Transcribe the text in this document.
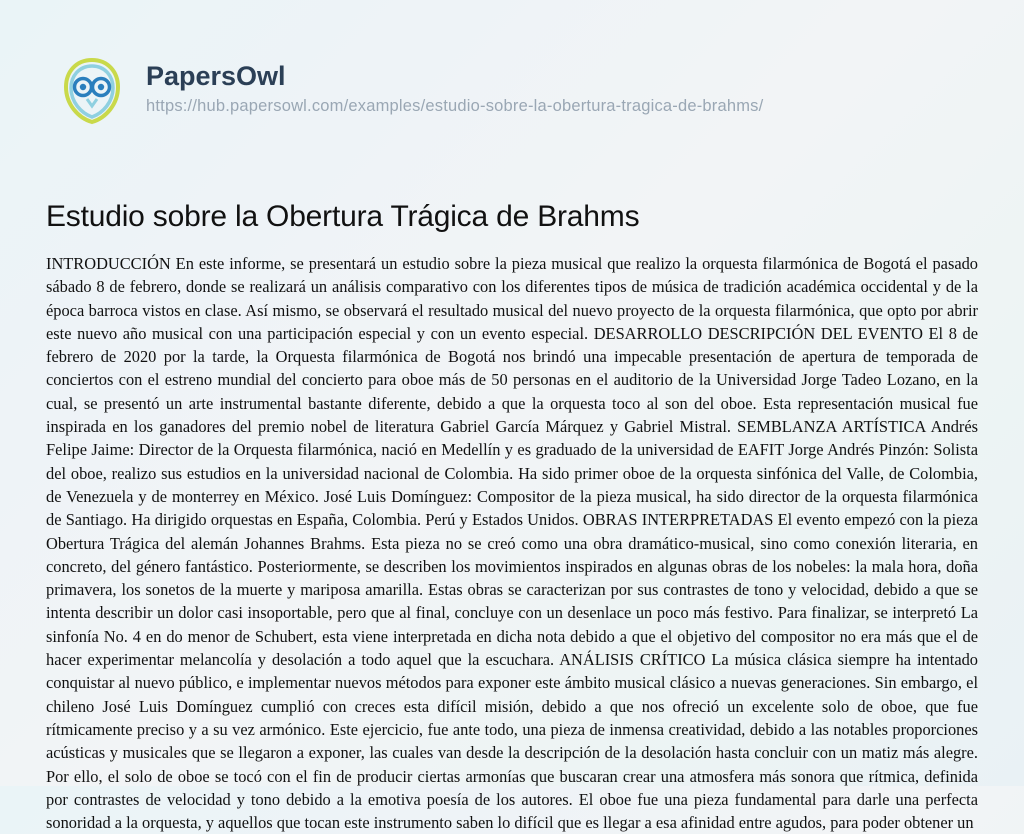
PapersOwl
https://hub.papersowl.com/examples/estudio-sobre-la-obertura-tragica-de-brahms/
Estudio sobre la Obertura Trágica de Brahms
INTRODUCCIÓN En este informe, se presentará un estudio sobre la pieza musical que realizo la orquesta filarmónica de Bogotá el pasado sábado 8 de febrero, donde se realizará un análisis comparativo con los diferentes tipos de música de tradición académica occidental y de la época barroca vistos en clase. Así mismo, se observará el resultado musical del nuevo proyecto de la orquesta filarmónica, que opto por abrir este nuevo año musical con una participación especial y con un evento especial. DESARROLLO DESCRIPCIÓN DEL EVENTO El 8 de febrero de 2020 por la tarde, la Orquesta filarmónica de Bogotá nos brindó una impecable presentación de apertura de temporada de conciertos con el estreno mundial del concierto para oboe más de 50 personas en el auditorio de la Universidad Jorge Tadeo Lozano, en la cual, se presentó un arte instrumental bastante diferente, debido a que la orquesta toco al son del oboe. Esta representación musical fue inspirada en los ganadores del premio nobel de literatura Gabriel García Márquez y Gabriel Mistral. SEMBLANZA ARTÍSTICA Andrés Felipe Jaime: Director de la Orquesta filarmónica, nació en Medellín y es graduado de la universidad de EAFIT Jorge Andrés Pinzón: Solista del oboe, realizo sus estudios en la universidad nacional de Colombia. Ha sido primer oboe de la orquesta sinfónica del Valle, de Colombia, de Venezuela y de monterrey en México. José Luis Domínguez: Compositor de la pieza musical, ha sido director de la orquesta filarmónica de Santiago. Ha dirigido orquestas en España, Colombia. Perú y Estados Unidos. OBRAS INTERPRETADAS El evento empezó con la pieza Obertura Trágica del alemán Johannes Brahms. Esta pieza no se creó como una obra dramático-musical, sino como conexión literaria, en concreto, del género fantástico. Posteriormente, se describen los movimientos inspirados en algunas obras de los nobeles: la mala hora, doña primavera, los sonetos de la muerte y mariposa amarilla. Estas obras se caracterizan por sus contrastes de tono y velocidad, debido a que se intenta describir un dolor casi insoportable, pero que al final, concluye con un desenlace un poco más festivo. Para finalizar, se interpretó La sinfonía No. 4 en do menor de Schubert, esta viene interpretada en dicha nota debido a que el objetivo del compositor no era más que el de hacer experimentar melancolía y desolación a todo aquel que la escuchara. ANÁLISIS CRÍTICO La música clásica siempre ha intentado conquistar al nuevo público, e implementar nuevos métodos para exponer este ámbito musical clásico a nuevas generaciones. Sin embargo, el chileno José Luis Domínguez cumplió con creces esta difícil misión, debido a que nos ofreció un excelente solo de oboe, que fue rítmicamente preciso y a su vez armónico. Este ejercicio, fue ante todo, una pieza de inmensa creatividad, debido a las notables proporciones acústicas y musicales que se llegaron a exponer, las cuales van desde la descripción de la desolación hasta concluir con un matiz más alegre. Por ello, el solo de oboe se tocó con el fin de producir ciertas armonías que buscaran crear una atmosfera más sonora que rítmica, definida por contrastes de velocidad y tono debido a la emotiva poesía de los autores. El oboe fue una pieza fundamental para darle una perfecta sonoridad a la orquesta, y aquellos que tocan este instrumento saben lo difícil que es llegar a esa afinidad entre agudos, para poder obtener un
